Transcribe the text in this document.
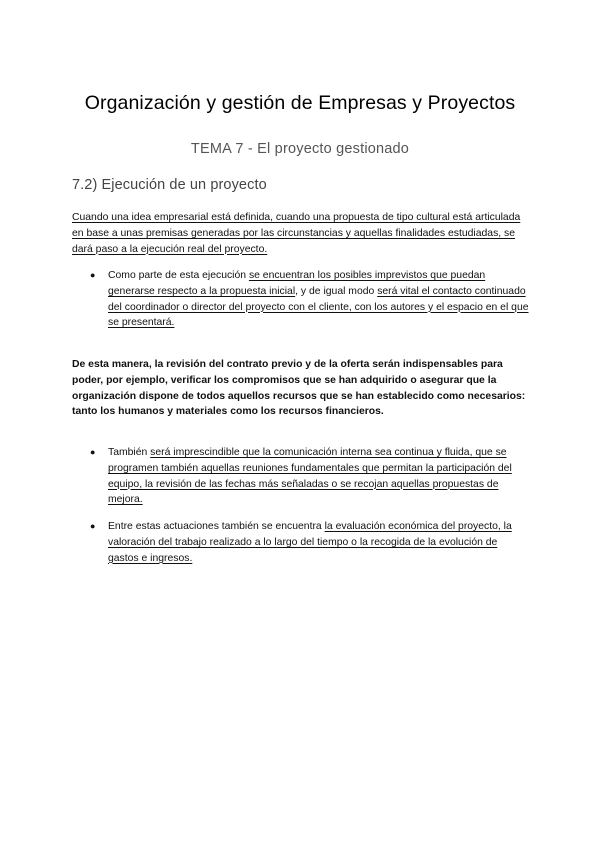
Organización y gestión de Empresas y Proyectos
TEMA 7 - El proyecto gestionado
7.2) Ejecución de un proyecto
Cuando una idea empresarial está definida, cuando una propuesta de tipo cultural está articulada en base a unas premisas generadas por las circunstancias y aquellas finalidades estudiadas, se dará paso a la ejecución real del proyecto.
● Como parte de esta ejecución se encuentran los posibles imprevistos que puedan generarse respecto a la propuesta inicial, y de igual modo será vital el contacto continuado del coordinador o director del proyecto con el cliente, con los autores y el espacio en el que se presentará.
De esta manera, la revisión del contrato previo y de la oferta serán indispensables para poder, por ejemplo, verificar los compromisos que se han adquirido o asegurar que la organización dispone de todos aquellos recursos que se han establecido como necesarios: tanto los humanos y materiales como los recursos financieros.
● También será imprescindible que la comunicación interna sea continua y fluida, que se programen también aquellas reuniones fundamentales que permitan la participación del equipo, la revisión de las fechas más señaladas o se recojan aquellas propuestas de mejora.
● Entre estas actuaciones también se encuentra la evaluación económica del proyecto, la valoración del trabajo realizado a lo largo del tiempo o la recogida de la evolución de gastos e ingresos.
